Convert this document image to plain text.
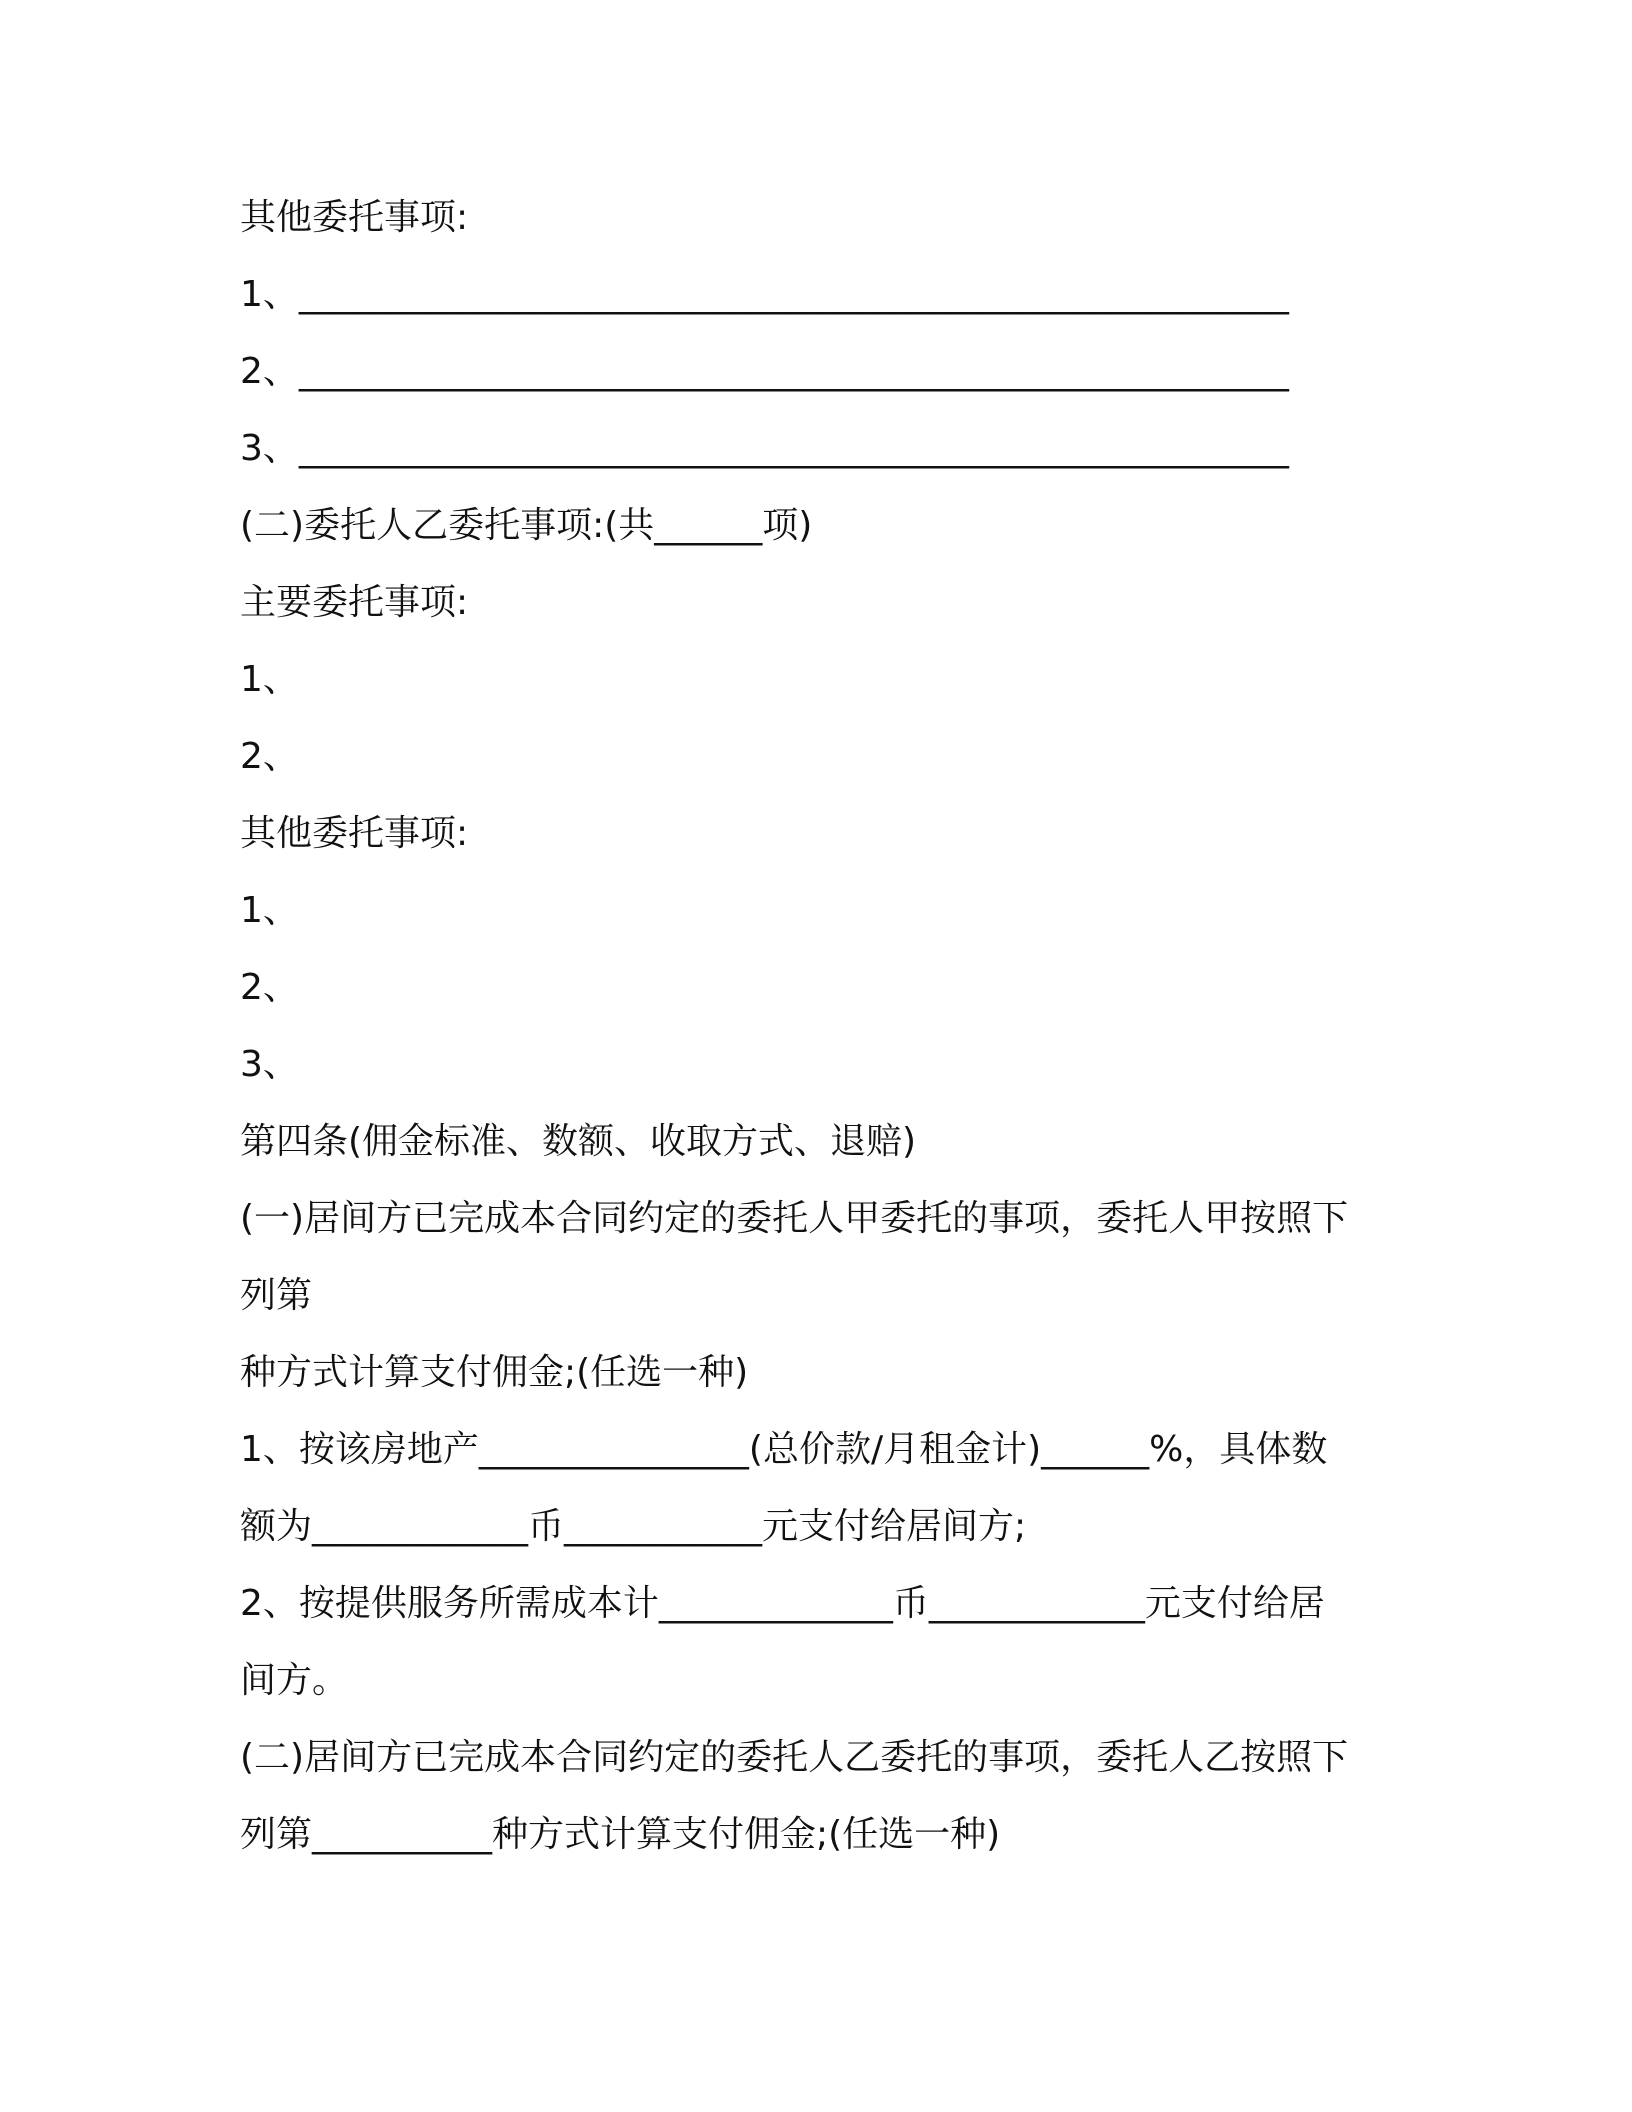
其他委托事项:
1、_______________________________________________________
2、_______________________________________________________
3、_______________________________________________________
(二)委托人乙委托事项:(共______项)
主要委托事项:
1、
2、
其他委托事项:
1、
2、
3、
第四条(佣金标准、数额、收取方式、退赔)
(一)居间方已完成本合同约定的委托人甲委托的事项，委托人甲按照下
列第
种方式计算支付佣金;(任选一种)
1、按该房地产_______________(总价款/月租金计)______%，具体数
额为____________币___________元支付给居间方;
2、按提供服务所需成本计_____________币____________元支付给居
间方。
(二)居间方已完成本合同约定的委托人乙委托的事项，委托人乙按照下
列第__________种方式计算支付佣金;(任选一种)
